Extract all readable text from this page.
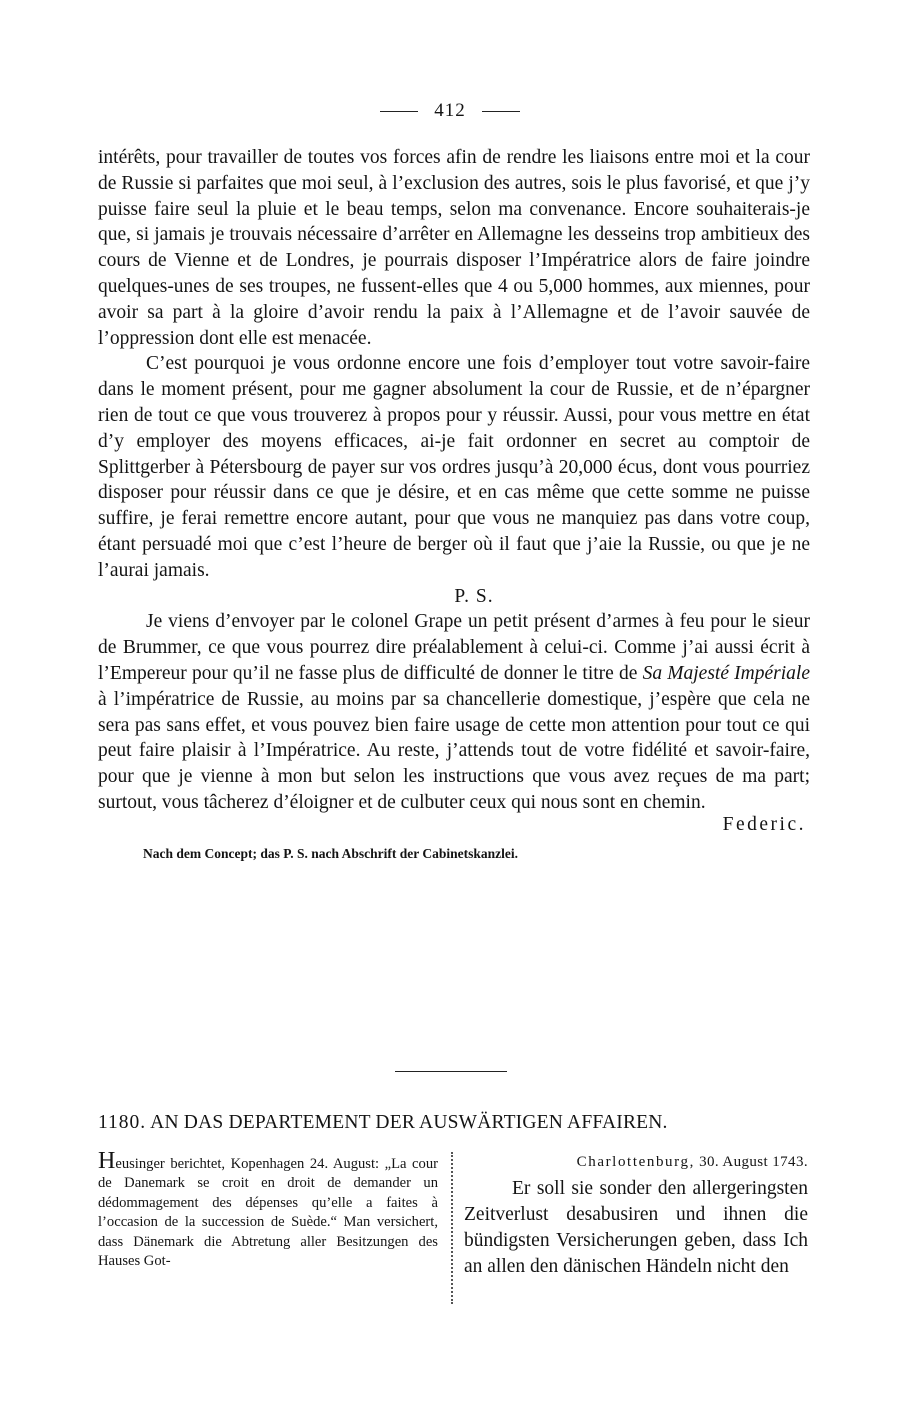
412

intérêts, pour travailler de toutes vos forces afin de rendre les liaisons entre moi et la cour de Russie si parfaites que moi seul, à l’exclusion des autres, sois le plus favorisé, et que j’y puisse faire seul la pluie et le beau temps, selon ma convenance. Encore souhaiterais-je que, si jamais je trouvais nécessaire d’arrêter en Allemagne les desseins trop ambitieux des cours de Vienne et de Londres, je pourrais disposer l’Impératrice alors de faire joindre quelques-unes de ses troupes, ne fussent-elles que 4 ou 5,000 hommes, aux miennes, pour avoir sa part à la gloire d’avoir rendu la paix à l’Allemagne et de l’avoir sauvée de l’oppression dont elle est menacée.

C’est pourquoi je vous ordonne encore une fois d’employer tout votre savoir-faire dans le moment présent, pour me gagner absolument la cour de Russie, et de n’épargner rien de tout ce que vous trouverez à propos pour y réussir. Aussi, pour vous mettre en état d’y employer des moyens efficaces, ai-je fait ordonner en secret au comptoir de Splittgerber à Pétersbourg de payer sur vos ordres jusqu’à 20,000 écus, dont vous pourriez disposer pour réussir dans ce que je désire, et en cas même que cette somme ne puisse suffire, je ferai remettre encore autant, pour que vous ne manquiez pas dans votre coup, étant persuadé moi que c’est l’heure de berger où il faut que j’aie la Russie, ou que je ne l’aurai jamais.

P. S.

Je viens d’envoyer par le colonel Grape un petit présent d’armes à feu pour le sieur de Brummer, ce que vous pourrez dire préalablement à celui-ci. Comme j’ai aussi écrit à l’Empereur pour qu’il ne fasse plus de difficulté de donner le titre de Sa Majesté Impériale à l’impératrice de Russie, au moins par sa chancellerie domestique, j’espère que cela ne sera pas sans effet, et vous pouvez bien faire usage de cette mon attention pour tout ce qui peut faire plaisir à l’Impératrice. Au reste, j’attends tout de votre fidélité et savoir-faire, pour que je vienne à mon but selon les instructions que vous avez reçues de ma part; surtout, vous tâcherez d’éloigner et de culbuter ceux qui nous sont en chemin.

Federic.
Nach dem Concept; das P. S. nach Abschrift der Cabinetskanzlei.
1180. AN DAS DEPARTEMENT DER AUSWÄRTIGEN AFFAIREN.

Heusinger berichtet, Kopenhagen 24. August: „La cour de Danemark se croit en droit de demander un dédommagement des dépenses qu’elle a faites à l’occasion de la succession de Suède.“ Man versichert, dass Dänemark die Abtretung aller Besitzungen des Hauses Got-

Charlottenburg, 30. August 1743.

Er soll sie sonder den allergeringsten Zeitverlust desabusiren und ihnen die bündigsten Versicherungen geben, dass Ich an allen den dänischen Händeln nicht den
